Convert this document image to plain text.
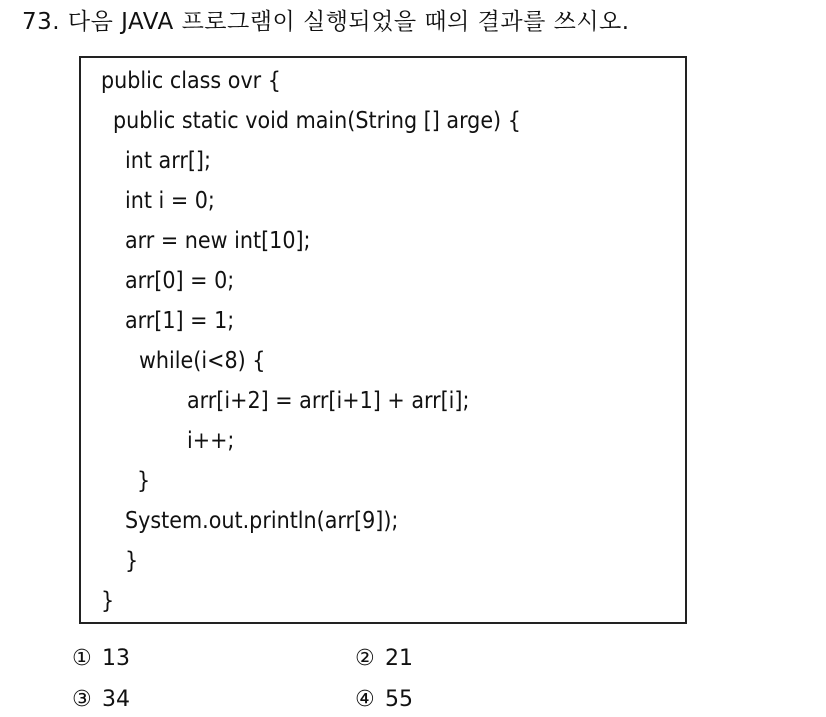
73. 다음 JAVA 프로그램이 실행되었을 때의 결과를 쓰시오.
public class ovr {
public static void main(String [] arge) {
int arr[];
int i = 0;
arr = new int[10];
arr[0] = 0;
arr[1] = 1;
while(i<8) {
arr[i+2] = arr[i+1] + arr[i];
i++;
}
System.out.println(arr[9]);
}
}
① 13	② 21
③ 34	④ 55
